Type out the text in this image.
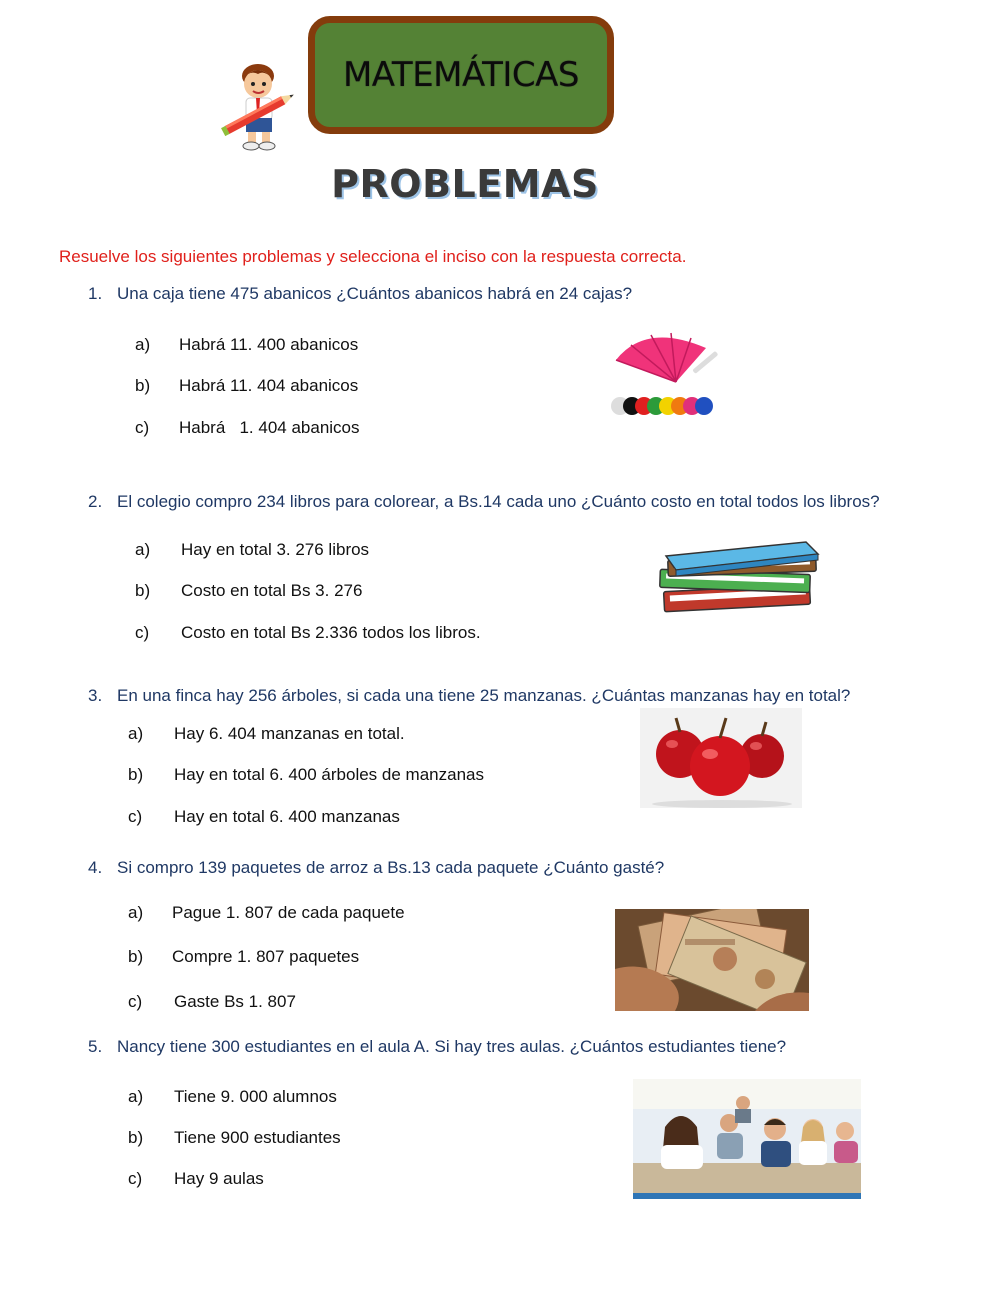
MATEMÁTICAS
PROBLEMAS
Resuelve los siguientes problemas y selecciona el inciso con la respuesta correcta.
1. Una caja tiene 475 abanicos ¿Cuántos abanicos habrá en 24 cajas?
a) Habrá 11. 400 abanicos
b) Habrá 11. 404 abanicos
c) Habrá   1. 404 abanicos
2. El colegio compro 234 libros para colorear, a Bs.14 cada uno ¿Cuánto costo en total todos los libros?
a) Hay en total 3. 276 libros
b) Costo en total Bs 3. 276
c) Costo en total Bs 2.336 todos los libros.
3. En una finca hay 256 árboles, si cada una tiene 25 manzanas. ¿Cuántas manzanas hay en total?
a) Hay 6. 404 manzanas en total.
b) Hay en total 6. 400 árboles de manzanas
c) Hay en total 6. 400 manzanas
4. Si compro 139 paquetes de arroz a Bs.13 cada paquete ¿Cuánto gasté?
a) Pague 1. 807 de cada paquete
b) Compre 1. 807 paquetes
c) Gaste Bs 1. 807
5. Nancy tiene 300 estudiantes en el aula A. Si hay tres aulas. ¿Cuántos estudiantes tiene?
a) Tiene 9. 000 alumnos
b) Tiene 900 estudiantes
c) Hay 9 aulas
